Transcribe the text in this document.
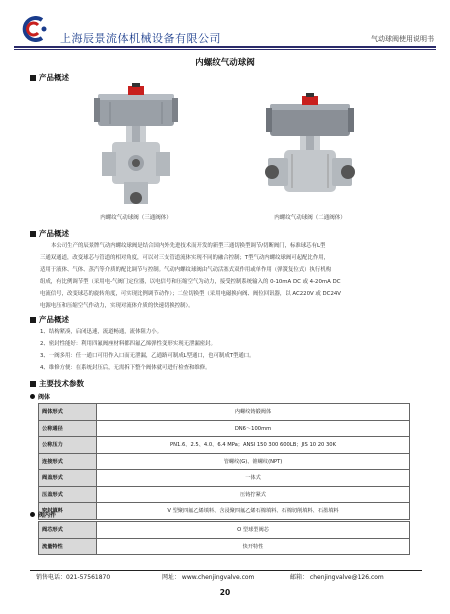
上海辰景流体机械设备有限公司	气动球阀使用说明书
内螺纹气动球阀
产品概述
内螺纹气动球阀（三通阀体）	内螺纹气动球阀（二通阀体）
产品概述
本公司生产的辰景牌气动内螺纹球阀是结合国内外先进技术而开发的新型三通切换型调节/切断阀门，标准球芯有L型
三通双通道，改变球芯与管道的相对角度，可以对三支管道流体实现不同的融合控制；T型气动内螺纹球阀可起配比作用，
适用于液体、气体、蒸汽等介质的配比调节与控制。气动内螺纹球阀由气动活塞式双作用或单作用（弹簧复位式）执行机构
组成，有比例调节型（采用电-气阀门定位器，以电信号和压缩空气为动力，接受控制系统输入的 0-10mA DC 或 4-20mA DC
电流信号，改变球芯的旋转角度，可实现比例调节动作）；二位切换型（采用电磁换向阀、阀位回讯器，以 AC220V 或 DC24V
电源电压和压缩空气作动力，实现对流体介质的快速切换控制）。
产品概述
1、结构紧凑，启闭迅速，流道畅通，流体阻力小。
2、密封性能好：利用四氟阀座材料都四氟乙烯弹性变形实现无泄漏密封。
3、一阀多用：任一通口可用作入口而无泄漏，乙通路可制成L型通口，也可制成T型通口。
4、维修方便：在系统封压后，无需拆下整个阀体就可进行检查和维修。
主要技术参数
阀体
阀体形式	内螺纹铸锻阀体
公称通径	DN6～100mm
公称压力	PN1.6、2.5、4.0、6.4 MPa；ANSI 150 300 600LB；JIS 10 20 30K
连接形式	管螺纹(G)、锥螺纹(NPT)
阀盖形式	一体式
压盖形式	压铸拧紧式
密封填料	V 型聚四氟乙烯填料、含浸聚四氟乙烯石棉填料、石棉切削填料、石墨填料
阀内件
阀芯形式	O 型球型阀芯
流量特性	快开特性
销售电话：021-57561870	网址： www.chenjingvalve.com	邮箱： chenjingvalve@126.com
20
